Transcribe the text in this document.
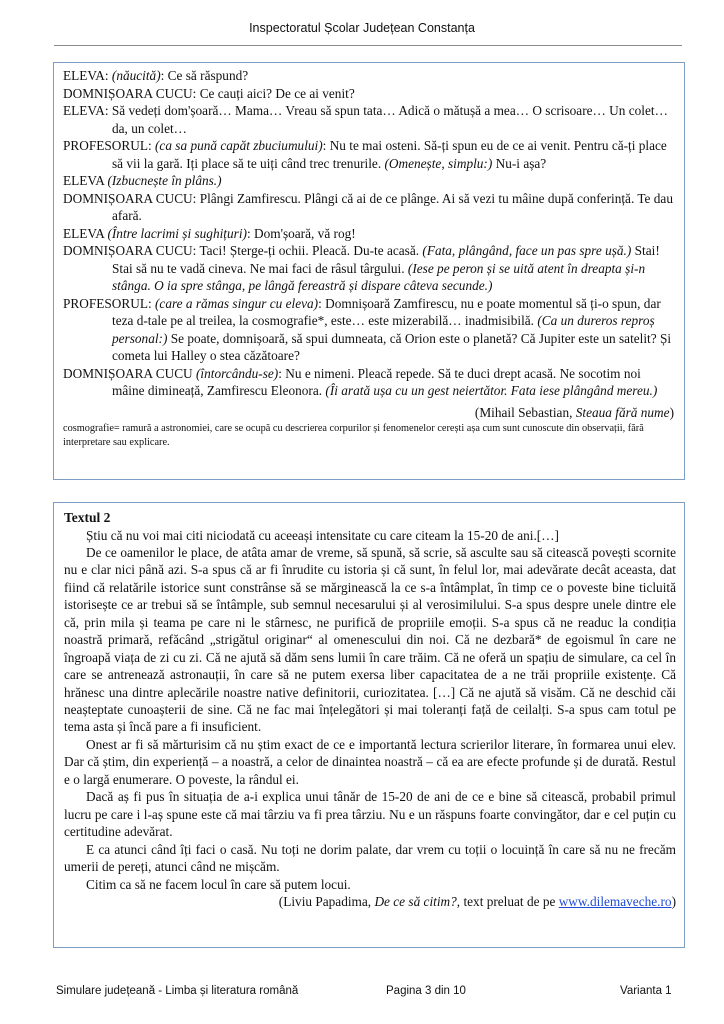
Inspectoratul Școlar Județean Constanța
ELEVA: (năucită): Ce să răspund?
DOMNIȘOARA CUCU: Ce cauți aici? De ce ai venit?
ELEVA: Să vedeți dom'șoară… Mama… Vreau să spun tata… Adică o mătușă a mea… O scrisoare… Un colet… da, un colet…
PROFESORUL: (ca sa pună capăt zbuciumului): Nu te mai osteni. Să-ți spun eu de ce ai venit. Pentru că-ți place să vii la gară. Iți place să te uiți când trec trenurile. (Omenește, simplu:) Nu-i așa?
ELEVA (Izbucnește în plâns.)
DOMNIȘOARA CUCU: Plângi Zamfirescu. Plângi că ai de ce plânge. Ai să vezi tu mâine după conferință. Te dau afară.
ELEVA (Între lacrimi și sughițuri): Dom'șoară, vă rog!
DOMNIȘOARA CUCU: Taci! Șterge-ți ochii. Pleacă. Du-te acasă. (Fata, plângând, face un pas spre ușă.) Stai! Stai să nu te vadă cineva. Ne mai faci de râsul târgului. (Iese pe peron și se uită atent în dreapta și-n stânga. O ia spre stânga, pe lângă fereastră și dispare câteva secunde.)
PROFESORUL: (care a rămas singur cu eleva): Domnișoară Zamfirescu, nu e poate momentul să ți-o spun, dar teza d-tale pe al treilea, la cosmografie*, este… este mizerabilă… inadmisibilă. (Ca un dureros reproș personal:) Se poate, domnișoară, să spui dumneata, că Orion este o planetă? Că Jupiter este un satelit? Și cometa lui Halley o stea căzătoare?
DOMNIȘOARA CUCU (întorcându-se): Nu e nimeni. Pleacă repede. Să te duci drept acasă. Ne socotim noi mâine dimineață, Zamfirescu Eleonora. (Îi arată ușa cu un gest neiertător. Fata iese plângând mereu.)
(Mihail Sebastian, Steaua fără nume)
cosmografie= ramură a astronomiei, care se ocupă cu descrierea corpurilor și fenomenelor cerești așa cum sunt cunoscute din observații, fără interpretare sau explicare.
Textul 2

Știu că nu voi mai citi niciodată cu aceeași intensitate cu care citeam la 15-20 de ani.[…]

De ce oamenilor le place, de atâta amar de vreme, să spună, să scrie, să asculte sau să citească povești scornite nu e clar nici până azi. S-a spus că ar fi înrudite cu istoria și că sunt, în felul lor, mai adevărate decât aceasta, dat fiind că relatările istorice sunt constrânse să se mărginească la ce s-a întâmplat, în timp ce o poveste bine ticluită istorisește ce ar trebui să se întâmple, sub semnul necesarului și al verosimilului. S-a spus despre unele dintre ele că, prin mila și teama pe care ni le stârnesc, ne purifică de propriile emoții. S-a spus că ne readuc la condiția noastră primară, refăcând „strigătul originar“ al omenescului din noi. Că ne dezbară* de egoismul în care ne îngroapă viața de zi cu zi. Că ne ajută să dăm sens lumii în care trăim. Că ne oferă un spațiu de simulare, ca cel în care se antrenează astronauții, în care să ne putem exersa liber capacitatea de a ne trăi propriile existențe. Că hrănesc una dintre aplecările noastre native definitorii, curiozitatea. […] Că ne ajută să visăm. Că ne deschid căi neașteptate cunoașterii de sine. Că ne fac mai înțelegători și mai toleranți față de ceilalți. S-a spus cam totul pe tema asta și încă pare a fi insuficient.

Onest ar fi să mărturisim că nu știm exact de ce e importantă lectura scrierilor literare, în formarea unui elev. Dar că știm, din experiență – a noastră, a celor de dinaintea noastră – că ea are efecte profunde și de durată. Restul e o largă enumerare. O poveste, la rândul ei.

Dacă aș fi pus în situația de a-i explica unui tânăr de 15-20 de ani de ce e bine să citească, probabil primul lucru pe care i l-aș spune este că mai târziu va fi prea târziu. Nu e un răspuns foarte convingător, dar e cel puțin cu certitudine adevărat.

E ca atunci când îți faci o casă. Nu toți ne dorim palate, dar vrem cu toții o locuință în care să nu ne frecăm umerii de pereți, atunci când ne mișcăm.

Citim ca să ne facem locul în care să putem locui.

(Liviu Papadima, De ce să citim?, text preluat de pe www.dilemaveche.ro)
Simulare județeană - Limba și literatura română	Pagina 3 din 10	Varianta 1
